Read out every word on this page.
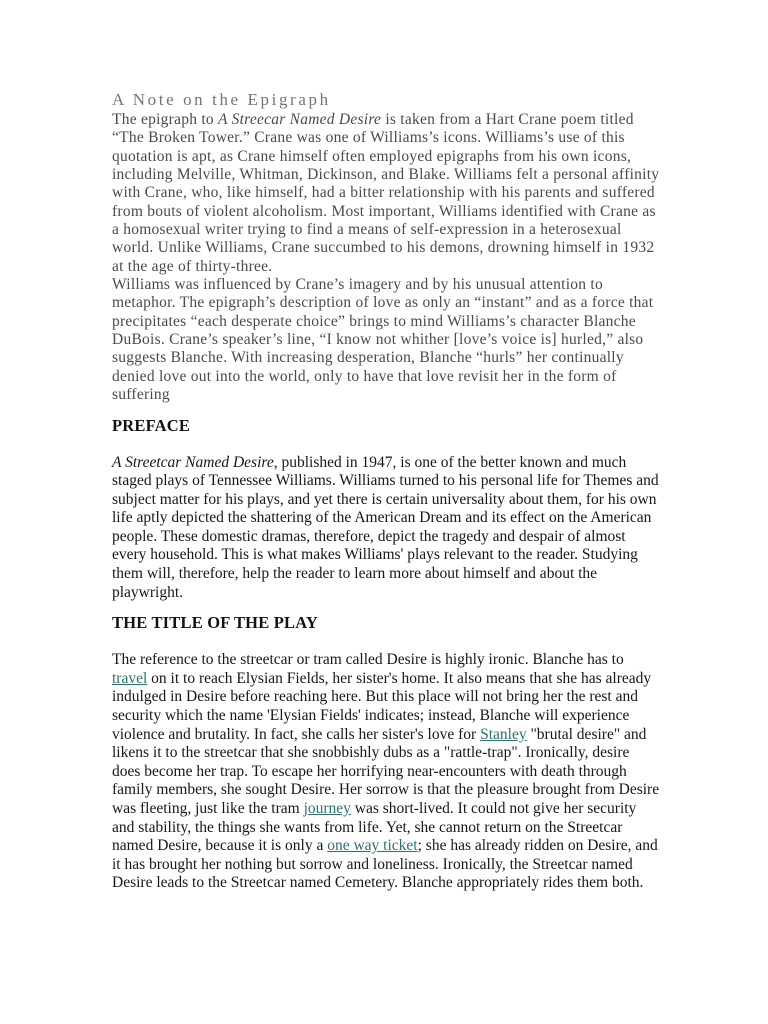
A Note on the Epigraph

The epigraph to A Streecar Named Desire is taken from a Hart Crane poem titled “The Broken Tower.” Crane was one of Williams’s icons. Williams’s use of this quotation is apt, as Crane himself often employed epigraphs from his own icons, including Melville, Whitman, Dickinson, and Blake. Williams felt a personal affinity with Crane, who, like himself, had a bitter relationship with his parents and suffered from bouts of violent alcoholism. Most important, Williams identified with Crane as a homosexual writer trying to find a means of self-expression in a heterosexual world. Unlike Williams, Crane succumbed to his demons, drowning himself in 1932 at the age of thirty-three.

Williams was influenced by Crane’s imagery and by his unusual attention to metaphor. The epigraph’s description of love as only an “instant” and as a force that precipitates “each desperate choice” brings to mind Williams’s character Blanche DuBois. Crane’s speaker’s line, “I know not whither [love’s voice is] hurled,” also suggests Blanche. With increasing desperation, Blanche “hurls” her continually denied love out into the world, only to have that love revisit her in the form of suffering

PREFACE

A Streetcar Named Desire, published in 1947, is one of the better known and much staged plays of Tennessee Williams. Williams turned to his personal life for Themes and subject matter for his plays, and yet there is certain universality about them, for his own life aptly depicted the shattering of the American Dream and its effect on the American people. These domestic dramas, therefore, depict the tragedy and despair of almost every household. This is what makes Williams' plays relevant to the reader. Studying them will, therefore, help the reader to learn more about himself and about the playwright.

THE TITLE OF THE PLAY

The reference to the streetcar or tram called Desire is highly ironic. Blanche has to travel on it to reach Elysian Fields, her sister's home. It also means that she has already indulged in Desire before reaching here. But this place will not bring her the rest and security which the name 'Elysian Fields' indicates; instead, Blanche will experience violence and brutality. In fact, she calls her sister's love for Stanley "brutal desire" and likens it to the streetcar that she snobbishly dubs as a "rattle-trap". Ironically, desire does become her trap. To escape her horrifying near-encounters with death through family members, she sought Desire. Her sorrow is that the pleasure brought from Desire was fleeting, just like the tram journey was short-lived. It could not give her security and stability, the things she wants from life. Yet, she cannot return on the Streetcar named Desire, because it is only a one way ticket; she has already ridden on Desire, and it has brought her nothing but sorrow and loneliness. Ironically, the Streetcar named Desire leads to the Streetcar named Cemetery. Blanche appropriately rides them both.
